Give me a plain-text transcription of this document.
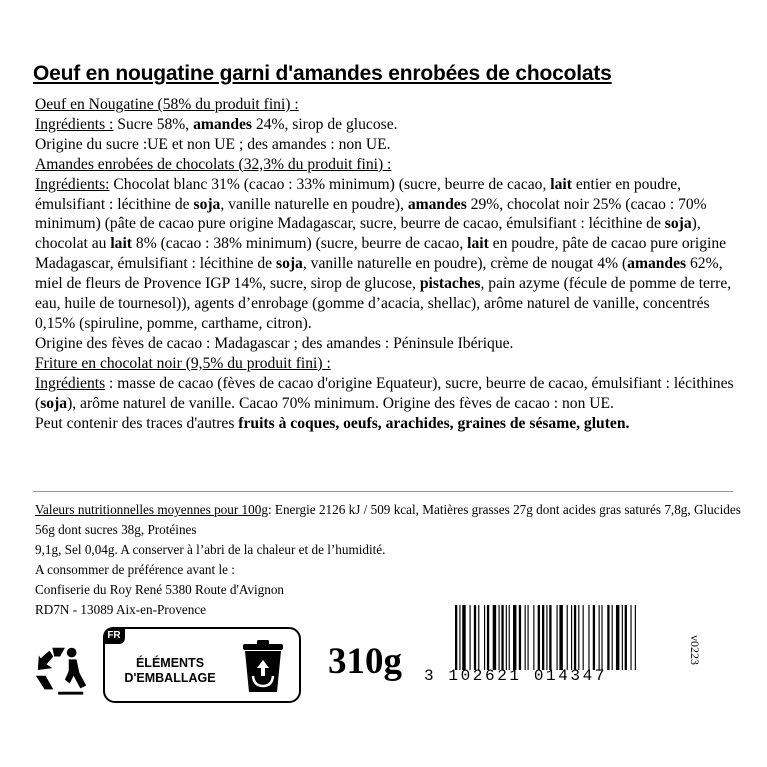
Oeuf en nougatine garni d'amandes enrobées de chocolats

Oeuf en Nougatine (58% du produit fini) :

Ingrédients : Sucre 58%, amandes 24%, sirop de glucose.

Origine du sucre :UE et non UE ; des amandes : non UE.

Amandes enrobées de chocolats (32,3% du produit fini) :

Ingrédients: Chocolat blanc 31% (cacao : 33% minimum) (sucre, beurre de cacao, lait entier en poudre, émulsifiant : lécithine de soja, vanille naturelle en poudre), amandes 29%, chocolat noir 25% (cacao : 70% minimum) (pâte de cacao pure origine Madagascar, sucre, beurre de cacao, émulsifiant : lécithine de soja), chocolat au lait 8% (cacao : 38% minimum) (sucre, beurre de cacao, lait en poudre, pâte de cacao pure origine Madagascar, émulsifiant : lécithine de soja, vanille naturelle en poudre), crème de nougat 4% (amandes 62%, miel de fleurs de Provence IGP 14%, sucre, sirop de glucose, pistaches, pain azyme (fécule de pomme de terre, eau, huile de tournesol)), agents d’enrobage (gomme d’acacia, shellac), arôme naturel de vanille, concentrés 0,15% (spiruline, pomme, carthame, citron).

Origine des fèves de cacao : Madagascar ; des amandes : Péninsule Ibérique.

Friture en chocolat noir (9,5% du produit fini) :

Ingrédients : masse de cacao (fèves de cacao d'origine Equateur), sucre, beurre de cacao, émulsifiant : lécithines (soja), arôme naturel de vanille. Cacao 70% minimum. Origine des fèves de cacao : non UE.

Peut contenir des traces d'autres fruits à coques, oeufs, arachides, graines de sésame, gluten.

Valeurs nutritionnelles moyennes pour 100g: Energie 2126 kJ / 509 kcal, Matières grasses 27g dont acides gras saturés 7,8g, Glucides 56g dont sucres 38g, Protéines

9,1g, Sel 0,04g. A conserver à l’abri de la chaleur et de l’humidité.

A consommer de préférence avant le :

Confiserie du Roy René 5380 Route d'Avignon

RD7N - 13089 Aix-en-Provence

FR
ÉLÉMENTS
D'EMBALLAGE	310g 3 102621 014347
v0223
